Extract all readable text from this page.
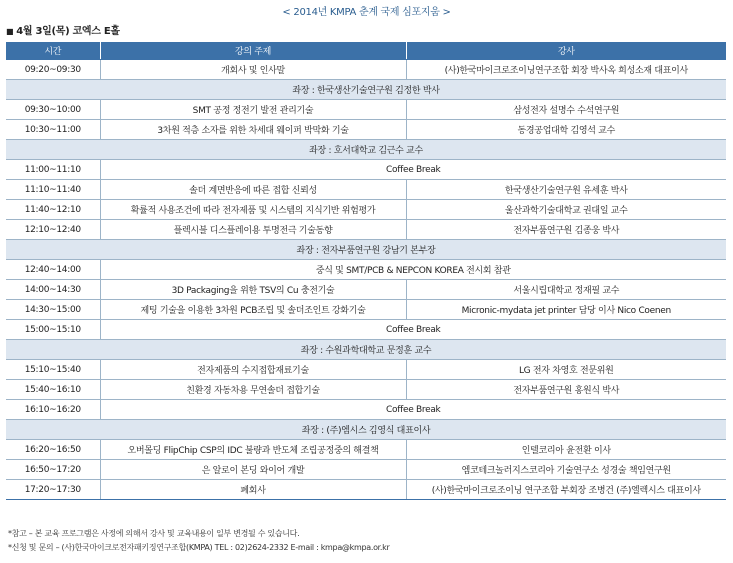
< 2014년 KMPA 춘계 국제 심포지움 >
■ 4월 3일(목) 코엑스 E홀
시간	강의 주제	강사
09:20~09:30	개회사 및 인사말	(사)한국마이크로조이닝연구조합 회장 박사옥 희성소재 대표이사
좌장 : 한국생산기술연구원 김정한 박사		
09:30~10:00	SMT 공정 정전기 발전 관리기술	삼성전자 설명수 수석연구원
10:30~11:00	3차원 적층 소자를 위한 차세대 웨이퍼 박막화 기술	동경공업대학 김영석 교수
좌장 : 호서대학교 김근수 교수		
11:00~11:10	Coffee Break	
11:10~11:40	솔더 계면반응에 따른 접합 신뢰성	한국생산기술연구원 유세훈 박사
11:40~12:10	확률적 사용조건에 따라 전자제품 및 시스템의 지식기반 위험평가	울산과학기술대학교 권대일 교수
12:10~12:40	플렉시블 디스플레이용 투명전극 기술동향	전자부품연구원 김종웅 박사
좌장 : 전자부품연구원 강남기 본부장		
12:40~14:00	중식 및 SMT/PCB & NEPCON KOREA 전시회 참관	
14:00~14:30	3D Packaging을 위한 TSV의 Cu 충전기술	서울시립대학교 정재필 교수
14:30~15:00	제팅 기술을 이용한 3차원 PCB조립 및 솔더조인트 강화기술	Micronic-mydata jet printer 담당 이사 Nico Coenen
15:00~15:10	Coffee Break	
좌장 : 수원과학대학교 문정훈 교수		
15:10~15:40	전자제품의 수지접합재료기술	LG 전자 차영호 전문위원
15:40~16:10	친환경 자동차용 무연솔더 접합기술	전자부품연구원 홍원식 박사
16:10~16:20	Coffee Break	
좌장 : (주)엠시스 김영식 대표이사		
16:20~16:50	오버몰딩 FlipChip CSP의 IDC 불량과 반도체 조립공정중의 해결책	인텔코리아 윤전환 이사
16:50~17:20	은 알로이 본딩 와이어 개발	엠코테크놀러지스코리아 기술연구소 성경술 책임연구원
17:20~17:30	폐회사	(사)한국마이크로조이닝 연구조합 부회장 조병건 (주)엘렉시스 대표이사
*참고 – 본 교육 프로그램은 사정에 의해서 강사 및 교육내용이 일부 변경될 수 있습니다.
*신청 및 문의 – (사)한국마이크로전자패키징연구조합(KMPA) TEL : 02)2624-2332 E-mail : kmpa@kmpa.or.kr
